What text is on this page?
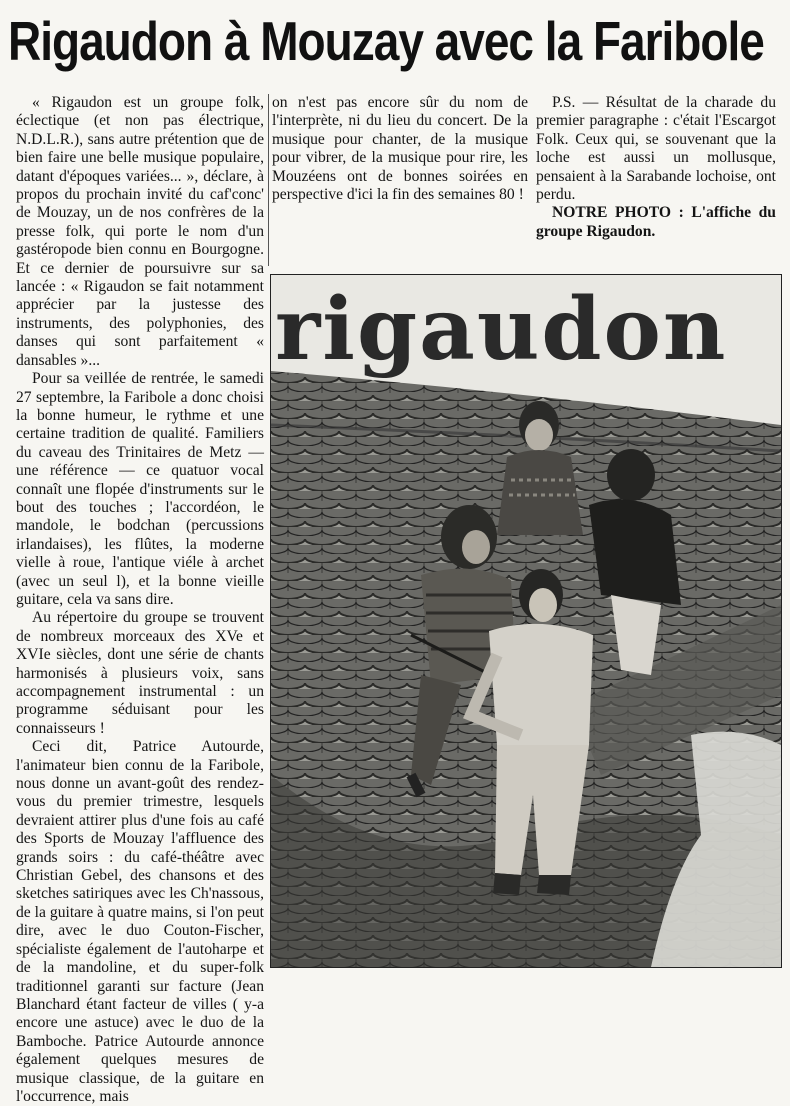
Rigaudon à Mouzay avec la Faribole

« Rigaudon est un groupe folk, éclectique (et non pas électrique, N.D.L.R.), sans autre prétention que de bien faire une belle musique populaire, datant d'époques variées... », déclare, à propos du prochain invité du caf'conc' de Mouzay, un de nos confrères de la presse folk, qui porte le nom d'un gastéropode bien connu en Bourgogne. Et ce dernier de poursuivre sur sa lancée : « Rigaudon se fait notamment apprécier par la justesse des instruments, des polyphonies, des danses qui sont parfaitement « dansables »...

Pour sa veillée de rentrée, le samedi 27 septembre, la Faribole a donc choisi la bonne humeur, le rythme et une certaine tradition de qualité. Familiers du caveau des Trinitaires de Metz — une référence — ce quatuor vocal connaît une flopée d'instruments sur le bout des touches ; l'accordéon, le mandole, le bodchan (percussions irlandaises), les flûtes, la moderne vielle à roue, l'antique viéle à archet (avec un seul l), et la bonne vieille guitare, cela va sans dire.

Au répertoire du groupe se trouvent de nombreux morceaux des XVe et XVIe siècles, dont une série de chants harmonisés à plusieurs voix, sans accompagnement instrumental : un programme séduisant pour les connaisseurs !

Ceci dit, Patrice Autourde, l'animateur bien connu de la Faribole, nous donne un avant-goût des rendez-vous du premier trimestre, lesquels devraient attirer plus d'une fois au café des Sports de Mouzay l'affluence des grands soirs : du café-théâtre avec Christian Gebel, des chansons et des sketches satiriques avec les Ch'nassous, de la guitare à quatre mains, si l'on peut dire, avec le duo Couton-Fischer, spécialiste également de l'autoharpe et de la mandoline, et du super-folk traditionnel garanti sur facture (Jean Blanchard étant facteur de villes ( y-a encore une astuce) avec le duo de la Bamboche. Patrice Autourde annonce également quelques mesures de musique classique, de la guitare en l'occurrence, mais

on n'est pas encore sûr du nom de l'interprète, ni du lieu du concert. De la musique pour chanter, de la musique pour vibrer, de la musique pour rire, les Mouzéens ont de bonnes soirées en perspective d'ici la fin des semaines 80 !

P.S. — Résultat de la charade du premier paragraphe : c'était l'Escargot Folk. Ceux qui, se souvenant que la loche est aussi un mollusque, pensaient à la Sarabande lochoise, ont perdu.

NOTRE PHOTO : L'affiche du groupe Rigaudon.

rigaudon
